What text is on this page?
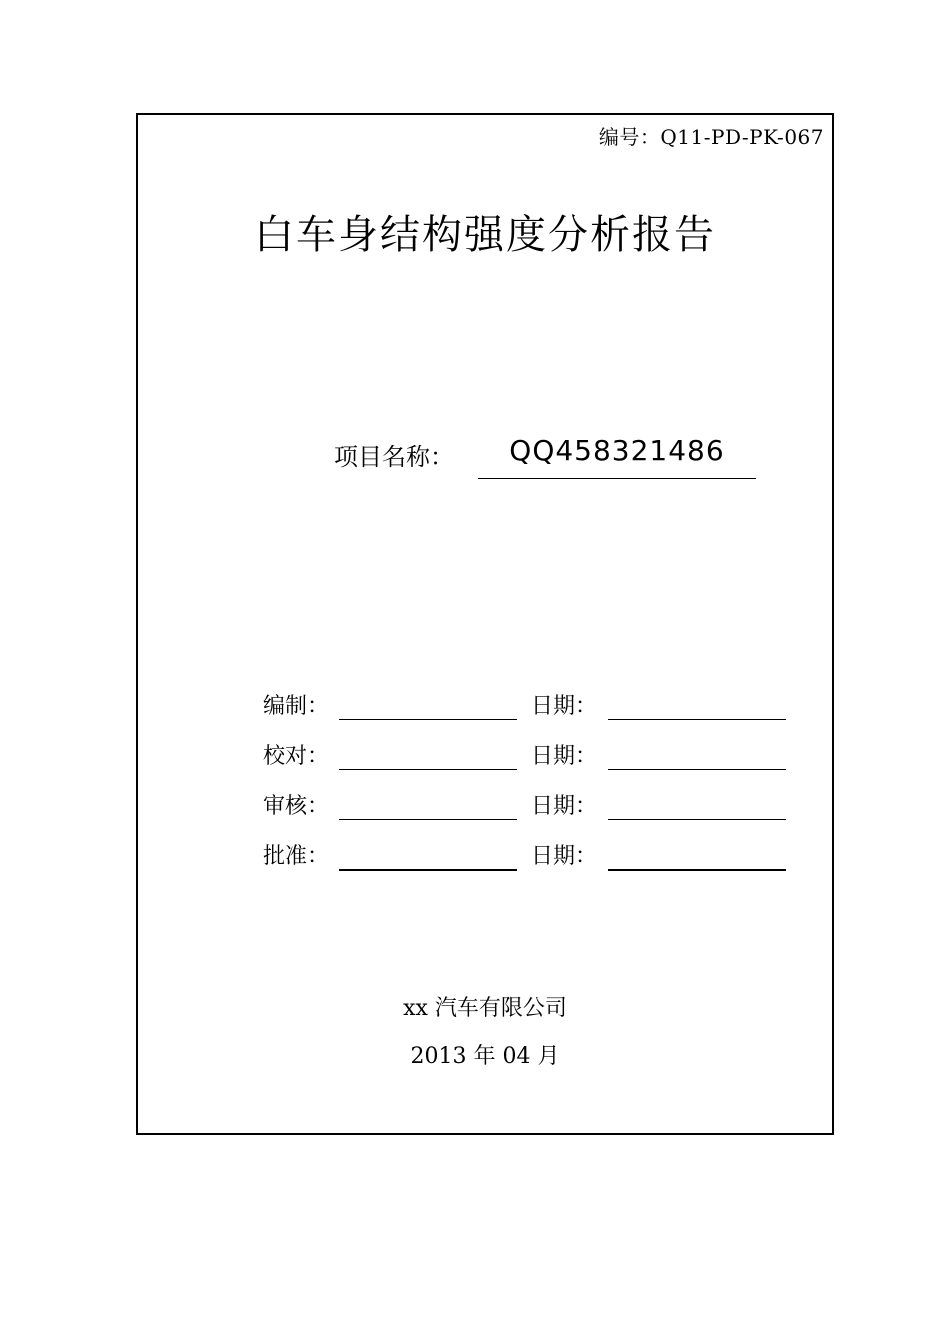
编号：Q11-PD-PK-067
白车身结构强度分析报告
项目名称：	QQ458321486
编制：	日期：
校对：	日期：
审核：	日期：
批准：	日期：
xx 汽车有限公司
2013 年 04 月
